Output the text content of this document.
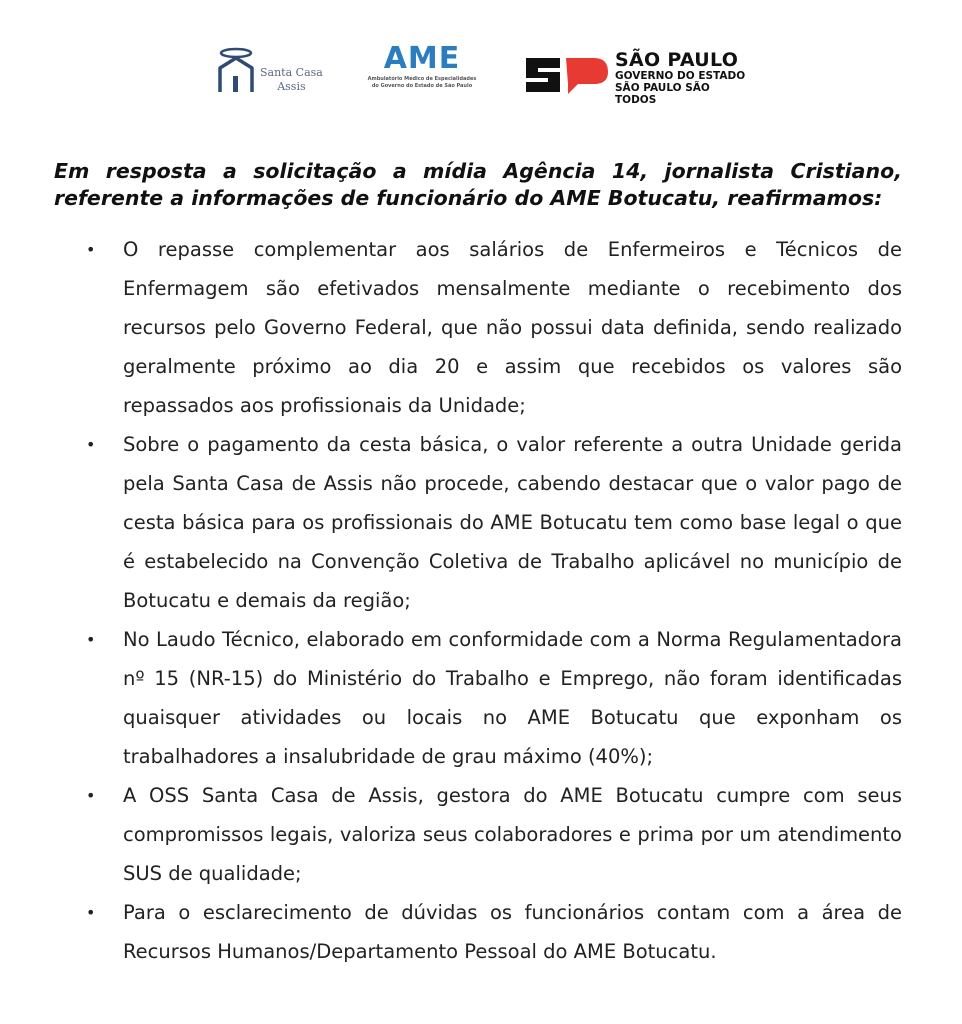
Santa Casa
Assis
AME
Ambulatório Médico de Especialidades
do Governo do Estado de São Paulo
SÃO PAULO
GOVERNO DO ESTADO
SÃO PAULO SÃO TODOS
Em resposta a solicitação a mídia Agência 14, jornalista Cristiano,
referente a informações de funcionário do AME Botucatu, reafirmamos:
• O repasse complementar aos salários de Enfermeiros e Técnicos de Enfermagem são efetivados mensalmente mediante o recebimento dos recursos pelo Governo Federal, que não possui data definida, sendo realizado geralmente próximo ao dia 20 e assim que recebidos os valores são repassados aos profissionais da Unidade;
• Sobre o pagamento da cesta básica, o valor referente a outra Unidade gerida pela Santa Casa de Assis não procede, cabendo destacar que o valor pago de cesta básica para os profissionais do AME Botucatu tem como base legal o que é estabelecido na Convenção Coletiva de Trabalho aplicável no município de Botucatu e demais da região;
• No Laudo Técnico, elaborado em conformidade com a Norma Regulamentadora nº 15 (NR-15) do Ministério do Trabalho e Emprego, não foram identificadas quaisquer atividades ou locais no AME Botucatu que exponham os trabalhadores a insalubridade de grau máximo (40%);
• A OSS Santa Casa de Assis, gestora do AME Botucatu cumpre com seus compromissos legais, valoriza seus colaboradores e prima por um atendimento SUS de qualidade;
• Para o esclarecimento de dúvidas os funcionários contam com a área de Recursos Humanos/Departamento Pessoal do AME Botucatu.
